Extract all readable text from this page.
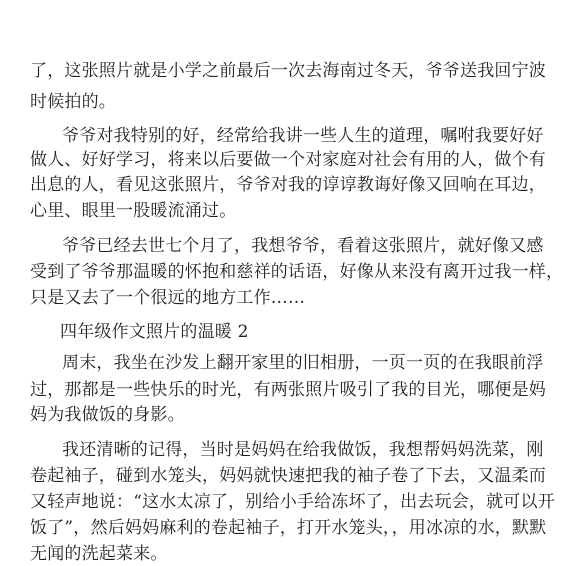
了，这张照片就是小学之前最后一次去海南过冬天，爷爷送我回宁波
时候拍的。
爷爷对我特别的好，经常给我讲一些人生的道理，嘱咐我要好好
做人、好好学习，将来以后要做一个对家庭对社会有用的人，做个有
出息的人，看见这张照片，爷爷对我的谆谆教诲好像又回响在耳边，
心里、眼里一股暖流涌过。
爷爷已经去世七个月了，我想爷爷，看着这张照片，就好像又感
受到了爷爷那温暖的怀抱和慈祥的话语，好像从来没有离开过我一样，
只是又去了一个很远的地方工作……
四年级作文照片的温暖 2
周末，我坐在沙发上翻开家里的旧相册，一页一页的在我眼前浮
过，那都是一些快乐的时光，有两张照片吸引了我的目光，哪便是妈
妈为我做饭的身影。
我还清晰的记得，当时是妈妈在给我做饭，我想帮妈妈洗菜，刚
卷起袖子，碰到水笼头，妈妈就快速把我的袖子卷了下去，又温柔而
又轻声地说：“这水太凉了，别给小手给冻坏了，出去玩会，就可以开
饭了”，然后妈妈麻利的卷起袖子，打开水笼头，，用冰凉的水，默默
无闻的洗起菜来。
